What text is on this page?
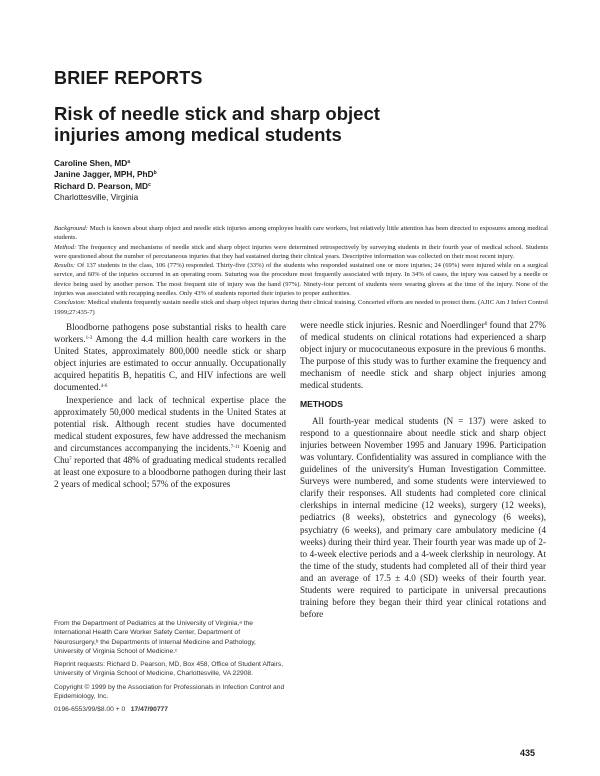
BRIEF REPORTS
Risk of needle stick and sharp object
injuries among medical students
Caroline Shen, $MD^a$
Janine Jagger, MPH, PhD$^b$
Richard D. Pearson, $MD^c$
Charlottesville, Virginia

Background: Much is known about sharp object and needle stick injuries among employee health care workers, but relatively little attention has been directed to exposures among medical students.

Method: The frequency and mechanisms of needle stick and sharp object injuries were determined retrospectively by surveying students in their fourth year of medical school. Students were questioned about the number of percutaneous injuries that they had sustained during their clinical years. Descriptive information was collected on their most recent injury.

Results: Of 137 students in the class, 106 (77%) responded. Thirty-five (33%) of the students who responded sustained one or more injuries; 24 (69%) were injured while on a surgical service, and 60% of the injuries occurred in an operating room. Suturing was the procedure most frequently associated with injury. In 34% of cases, the injury was caused by a needle or device being used by another person. The most frequent site of injury was the hand (97%). Ninety-four percent of students were wearing gloves at the time of the injury. None of the injuries was associated with recapping needles. Only 43% of students reported their injuries to proper authorities.

Conclusion: Medical students frequently sustain needle stick and sharp object injuries during their clinical training. Concerted efforts are needed to protect them. (AJIC Am J Infect Control 1999;27:435-7)

Bloodborne pathogens pose substantial risks to health care workers.$^{1-3}$ Among the 4.4 million health care workers in the United States, approximately 800,000 needle stick or sharp object injuries are estimated to occur annually. Occupationally acquired hepatitis B, hepatitis C, and HIV infections are well documented.$^{4-6}$

Inexperience and lack of technical expertise place the approximately 50,000 medical students in the United States at potential risk. Although recent studies have documented medical student exposures, few have addressed the mechanism and circumstances accompanying the incidents.$^{7-11}$ Koenig and Chu$^7$ reported that 48% of graduating medical students recalled at least one exposure to a bloodborne pathogen during their last 2 years of medical school; 57% of the exposures

were needle stick injuries. Resnic and Noerdlinger$^8$ found that 27% of medical students on clinical rotations had experienced a sharp object injury or mucocutaneous exposure in the previous 6 months. The purpose of this study was to further examine the frequency and mechanism of needle stick and sharp object injuries among medical students.

METHODS

All fourth-year medical students (N = 137) were asked to respond to a questionnaire about needle stick and sharp object injuries between November 1995 and January 1996. Participation was voluntary. Confidentiality was assured in compliance with the guidelines of the university's Human Investigation Committee. Surveys were numbered, and some students were interviewed to clarify their responses. All students had completed core clinical clerkships in internal medicine (12 weeks), surgery (12 weeks), pediatrics (8 weeks), obstetrics and gynecology (6 weeks), psychiatry (6 weeks), and primary care ambulatory medicine (4 weeks) during their third year. Their fourth year was made up of 2- to 4-week elective periods and a 4-week clerkship in neurology. At the time of the study, students had completed all of their third year and an average of 17.5 ± 4.0 (SD) weeks of their fourth year. Students were required to participate in universal precautions training before they began their third year clinical rotations and before

From the Department of Pediatrics at the University of Virginia,ᵃ the International Health Care Worker Safety Center, Department of Neurosurgery,ᵇ the Departments of Internal Medicine and Pathology, University of Virginia School of Medicine.ᶜ

Reprint requests: Richard D. Pearson, MD, Box 458, Office of Student Affairs, University of Virginia School of Medicine, Charlottesville, VA 22908.

Copyright © 1999 by the Association for Professionals in Infection Control and Epidemiology, Inc.

0196-6553/99/$8.00 + 0 17/47/90777

435
